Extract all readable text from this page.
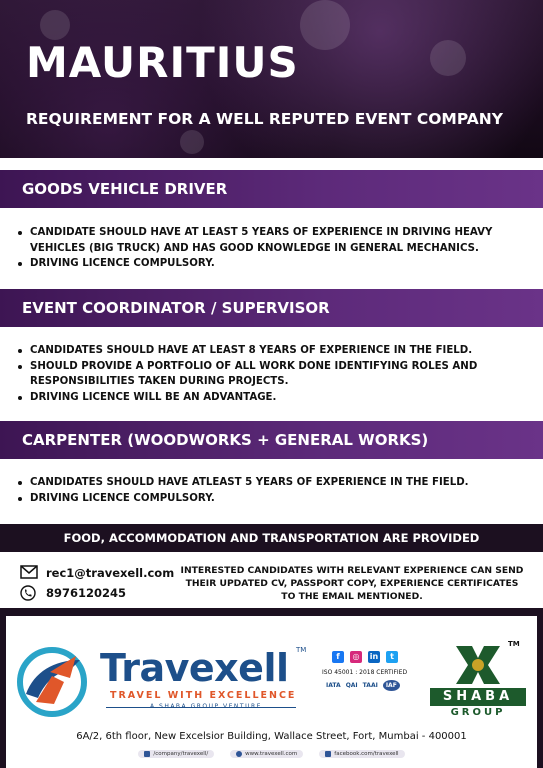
MAURITIUS
REQUIREMENT FOR A WELL REPUTED EVENT COMPANY
GOODS VEHICLE DRIVER
CANDIDATE SHOULD HAVE AT LEAST 5 YEARS OF EXPERIENCE IN DRIVING HEAVY VEHICLES (BIG TRUCK) AND HAS GOOD KNOWLEDGE IN GENERAL MECHANICS.
DRIVING LICENCE COMPULSORY.
EVENT COORDINATOR / SUPERVISOR
CANDIDATES SHOULD HAVE AT LEAST 8 YEARS OF EXPERIENCE IN THE FIELD.
SHOULD PROVIDE A PORTFOLIO OF ALL WORK DONE IDENTIFYING ROLES AND RESPONSIBILITIES TAKEN DURING PROJECTS.
DRIVING LICENCE WILL BE AN ADVANTAGE.
CARPENTER (WOODWORKS + GENERAL WORKS)
CANDIDATES SHOULD HAVE ATLEAST 5 YEARS OF EXPERIENCE IN THE FIELD.
DRIVING LICENCE COMPULSORY.
FOOD, ACCOMMODATION AND TRANSPORTATION ARE PROVIDED
rec1@travexell.com
8976120245
INTERESTED CANDIDATES WITH RELEVANT EXPERIENCE CAN SEND THEIR UPDATED CV, PASSPORT COPY, EXPERIENCE CERTIFICATES TO THE EMAIL MENTIONED.
Travexell TM
TRAVEL WITH EXCELLENCE
A SHABA GROUP VENTURE
f	◎	in	t
ISO 45001 : 2018 CERTIFIED
IATA QAI TAAI	IAF
TM
SHABA
GROUP
6A/2, 6th floor, New Excelsior Building, Wallace Street, Fort, Mumbai - 400001
/company/travexell/	www.travexell.com	facebook.com/travexell
